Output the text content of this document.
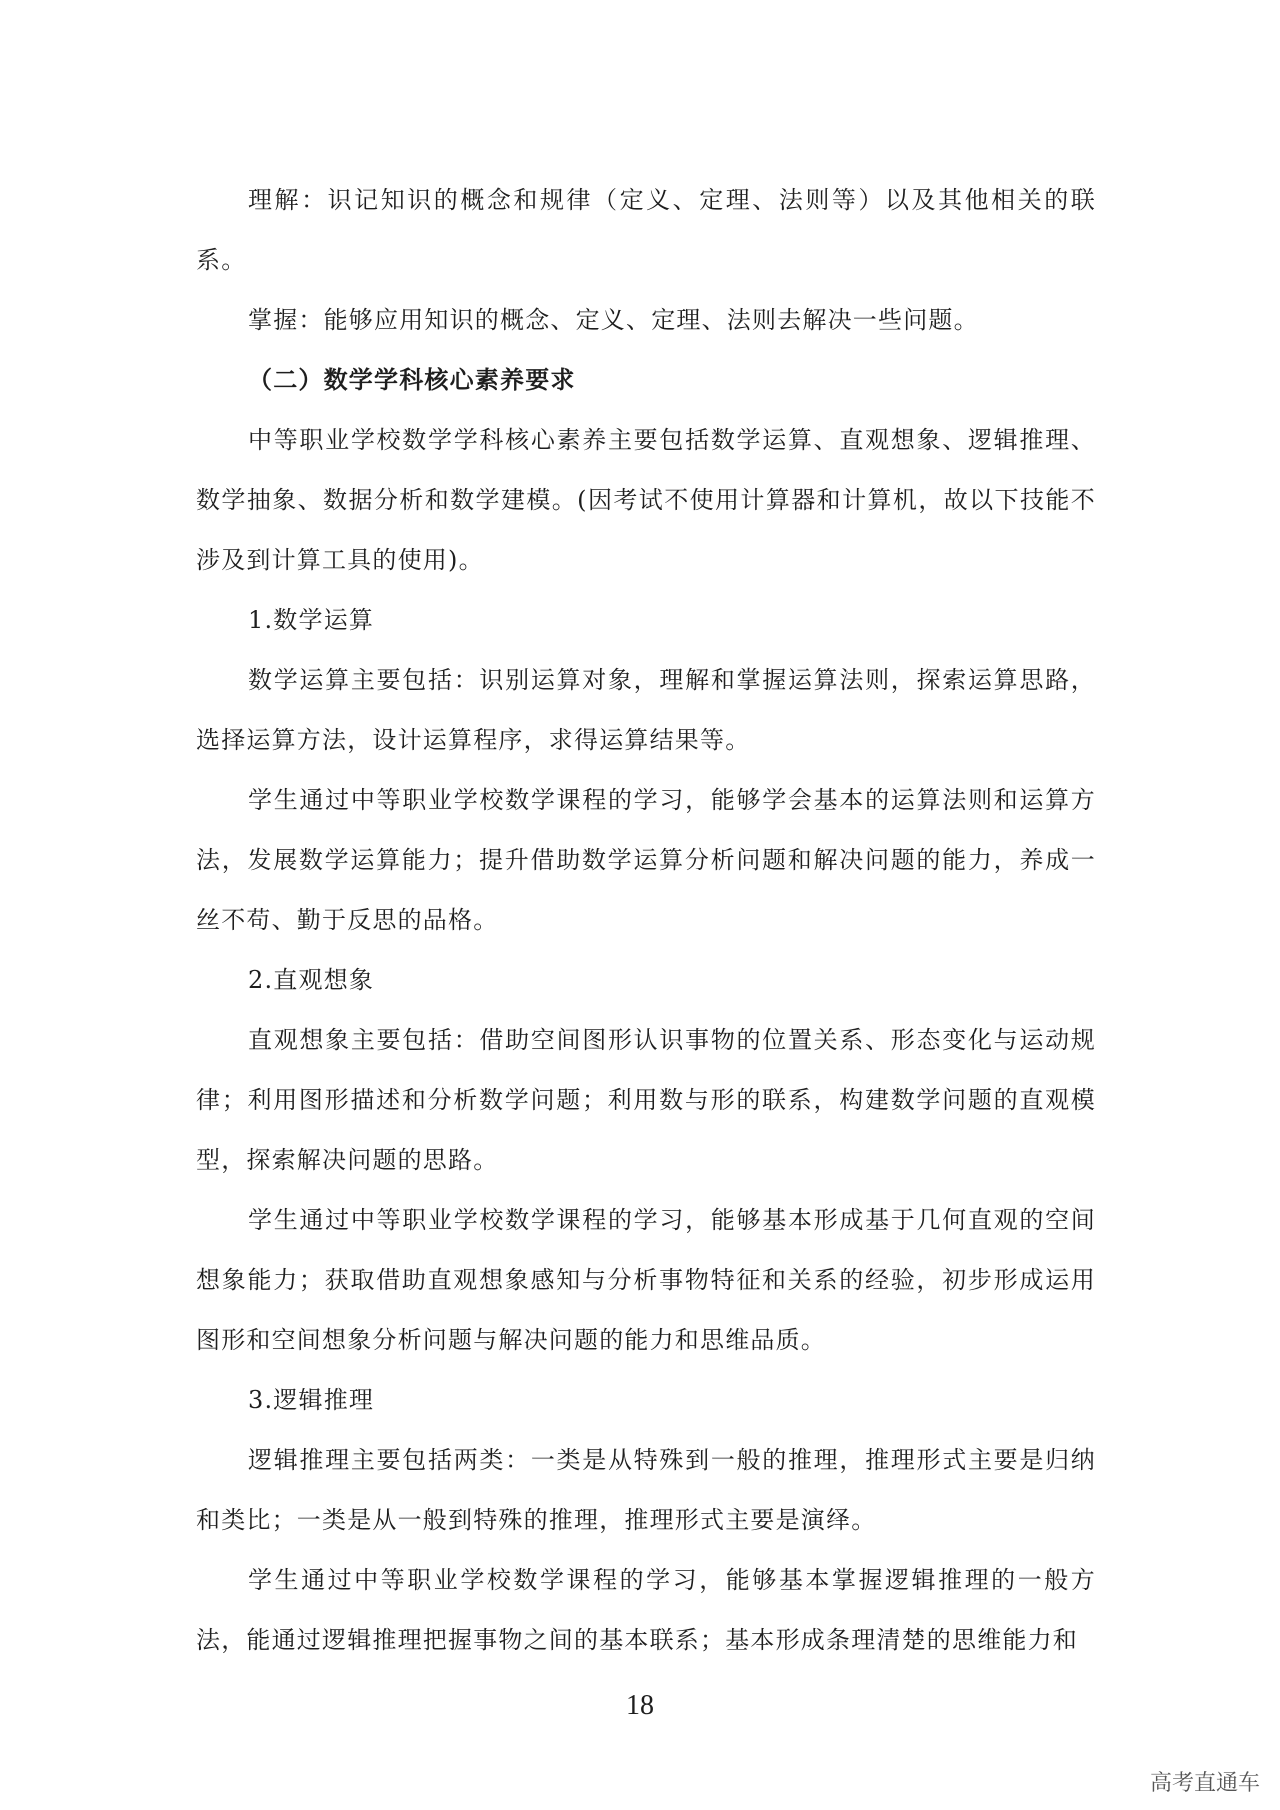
理解：识记知识的概念和规律（定义、定理、法则等）以及其他相关的联系。

掌握：能够应用知识的概念、定义、定理、法则去解决一些问题。

（二）数学学科核心素养要求

中等职业学校数学学科核心素养主要包括数学运算、直观想象、逻辑推理、数学抽象、数据分析和数学建模。(因考试不使用计算器和计算机，故以下技能不涉及到计算工具的使用)。

1.数学运算

数学运算主要包括：识别运算对象，理解和掌握运算法则，探索运算思路，选择运算方法，设计运算程序，求得运算结果等。

学生通过中等职业学校数学课程的学习，能够学会基本的运算法则和运算方法，发展数学运算能力；提升借助数学运算分析问题和解决问题的能力，养成一丝不苟、勤于反思的品格。

2.直观想象

直观想象主要包括：借助空间图形认识事物的位置关系、形态变化与运动规律；利用图形描述和分析数学问题；利用数与形的联系，构建数学问题的直观模型，探索解决问题的思路。

学生通过中等职业学校数学课程的学习，能够基本形成基于几何直观的空间想象能力；获取借助直观想象感知与分析事物特征和关系的经验，初步形成运用图形和空间想象分析问题与解决问题的能力和思维品质。

3.逻辑推理

逻辑推理主要包括两类：一类是从特殊到一般的推理，推理形式主要是归纳和类比；一类是从一般到特殊的推理，推理形式主要是演绎。

学生通过中等职业学校数学课程的学习，能够基本掌握逻辑推理的一般方法，能通过逻辑推理把握事物之间的基本联系；基本形成条理清楚的思维能力和

18
高考直通车
